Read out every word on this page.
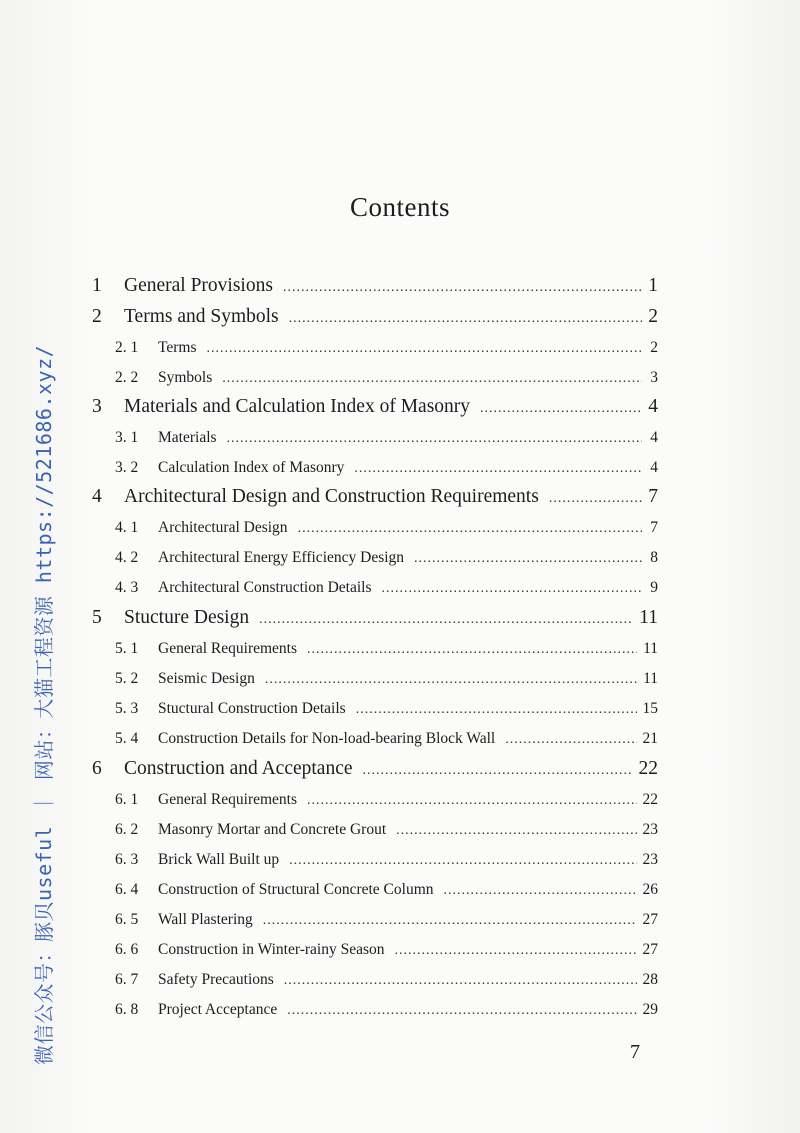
Contents
1	General Provisions .....	1
2	Terms and Symbols .....	2
2. 1	Terms .....	2
2. 2	Symbols .....	3
3	Materials and Calculation Index of Masonry .....	4
3. 1	Materials .....	4
3. 2	Calculation Index of Masonry .....	4
4	Architectural Design and Construction Requirements .....	7
4. 1	Architectural Design .....	7
4. 2	Architectural Energy Efficiency Design .....	8
4. 3	Architectural Construction Details .....	9
5	Stucture Design .....	11
5. 1	General Requirements .....	11
5. 2	Seismic Design .....	11
5. 3	Stuctural Construction Details .....	15
5. 4	Construction Details for Non-load-bearing Block Wall .....	21
6	Construction and Acceptance .....	22
6. 1	General Requirements .....	22
6. 2	Masonry Mortar and Concrete Grout .....	23
6. 3	Brick Wall Built up .....	23
6. 4	Construction of Structural Concrete Column .....	26
6. 5	Wall Plastering .....	27
6. 6	Construction in Winter-rainy Season .....	27
6. 7	Safety Precautions .....	28
6. 8	Project Acceptance .....	29
7
微信公众号：豚贝useful ｜ 网站：大猫工程资源 https://521686.xyz/
